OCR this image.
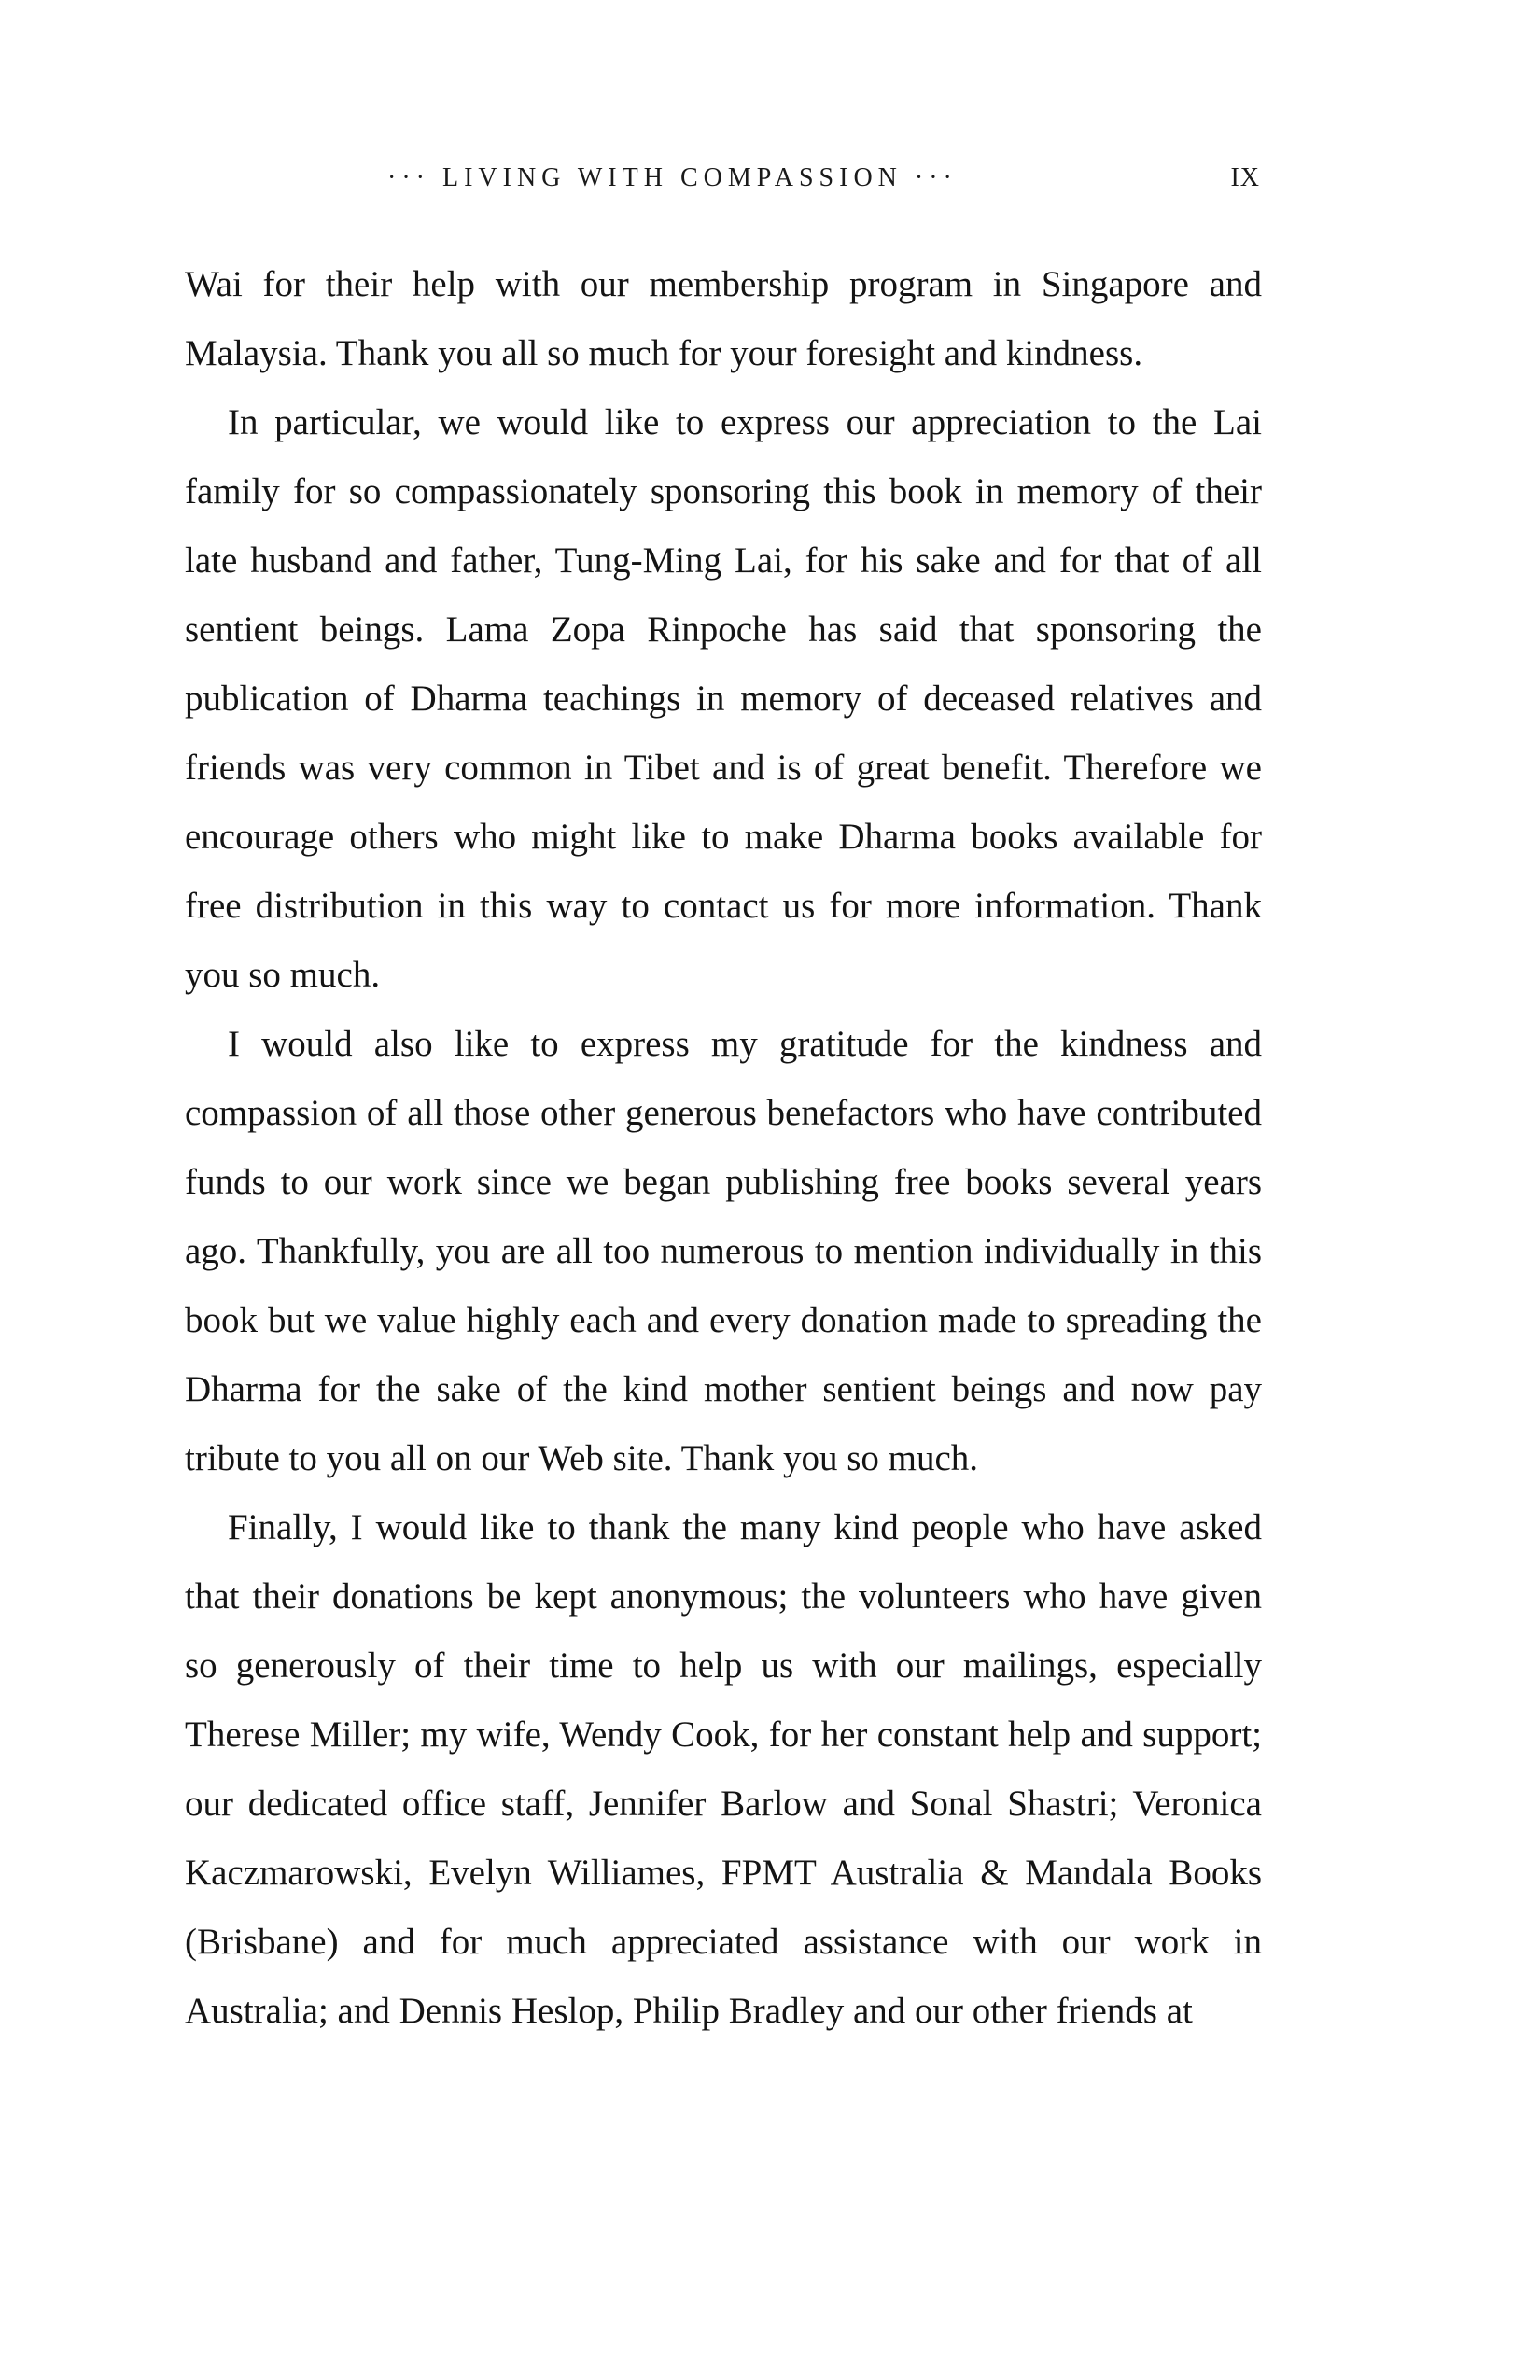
··· LIVING WITH COMPASSION ···	IX

Wai for their help with our membership program in Singapore and Malaysia. Thank you all so much for your foresight and kindness.

In particular, we would like to express our appreciation to the Lai family for so compassionately sponsoring this book in memory of their late husband and father, Tung-Ming Lai, for his sake and for that of all sentient beings. Lama Zopa Rinpoche has said that sponsoring the publication of Dharma teachings in memory of deceased relatives and friends was very common in Tibet and is of great benefit. Therefore we encourage others who might like to make Dharma books available for free distribution in this way to contact us for more information. Thank you so much.

I would also like to express my gratitude for the kindness and compassion of all those other generous benefactors who have contributed funds to our work since we began publishing free books several years ago. Thankfully, you are all too numerous to mention individually in this book but we value highly each and every donation made to spreading the Dharma for the sake of the kind mother sentient beings and now pay tribute to you all on our Web site. Thank you so much.

Finally, I would like to thank the many kind people who have asked that their donations be kept anonymous; the volunteers who have given so generously of their time to help us with our mailings, especially Therese Miller; my wife, Wendy Cook, for her constant help and support; our dedicated office staff, Jennifer Barlow and Sonal Shastri; Veronica Kaczmarowski, Evelyn Williames, FPMT Australia & Mandala Books (Brisbane) and for much appreciated assistance with our work in Australia; and Dennis Heslop, Philip Bradley and our other friends at
